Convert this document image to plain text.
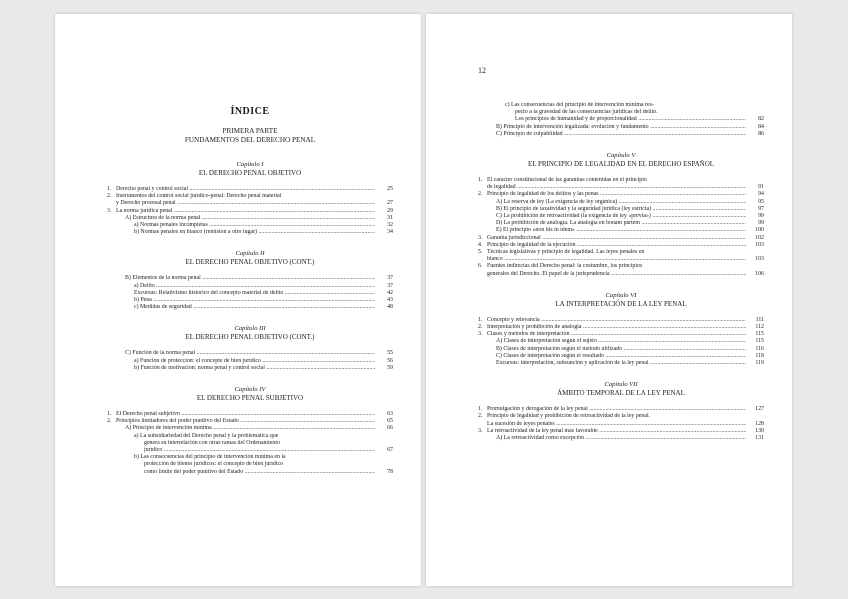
ÍNDICE
PRIMERA PARTE
FUNDAMENTOS DEL DERECHO PENAL
Capítulo I
EL DERECHO PENAL OBJETIVO
1. Derecho penal y control social .....	25
2. Instrumentos del control social jurídico-penal: Derecho penal material
y Derecho procesal penal .....	27
3. La norma jurídica penal .....	29
A) Estructura de la norma penal .....	31
a) Normas penales incompletas .....	32
b) Normas penales en blanco (remisión a otro lugar) .....	34
Capítulo II
EL DERECHO PENAL OBJETIVO (CONT.)
B) Elementos de la norma penal .....	37
a) Delito .....	37
Excursus: Relativismo histórico del concepto material de delito .....	42
b) Pena .....	43
c) Medidas de seguridad .....	48
Capítulo III
EL DERECHO PENAL OBJETIVO (CONT.)
C) Función de la norma penal .....	55
a) Función de protección: el concepte de bien jurídico .....	56
b) Función de motivación: norma penal y control social .....	59
Capítulo IV
EL DERECHO PENAL SUBJETIVO
1. El Derecho penal subjetivo .....	63
2. Principios limitadores del poder punitivo del Estado .....	65
A) Principio de intervención mínima .....	66
a) La subsidiariedad del Derecho penal y la problemática que
genera su interrelación con otras ramas del Ordenamiento
jurídico .....	67
b) Las consecuencias del principio de intervención mínima en la
protección de bienes jurídicos: el concepto de bien jurídico
como límite del poder punitivo del Estado .....	78
12
c) Las consecuencias del principio de intervención mínima res-
pecto a la gravedad de las consecuencias jurídicas del delito.
Los principios de humanidad y de proporcionalidad .....	82
B) Principio de intervención legalizada: evolución y fundamento .....	84
C) Principio de culpabilidad .....	86
Capítulo V
EL PRINCIPIO DE LEGALIDAD EN EL DERECHO ESPAÑOL
1. El carácter constitucional de las garantías contenidas en el principio
de legalidad .....	91
2. Principio de legalidad de los delitos y las penas .....	94
A) La reserva de ley (La exigencia de ley orgánica) .....	95
B) El principio de taxatividad y la seguridad jurídica (ley estricta) .....	97
C) La prohibición de retroactividad (la exigencia de ley «previa») .....	99
D) La prohibición de analogía. La analogía en bonam partem .....	99
E) El principio «non bis in idem» .....	100
3. Garantía jurisdiccional .....	102
4. Principio de legalidad de la ejecución .....	103
5. Técnicas legislativas y principio de legalidad. Las leyes penales en
blanco .....	103
6. Fuentes indirectas del Derecho penal: la costumbre, los principios
generales del Derecho. El papel de la jurisprudencia .....	106
Capítulo VI
LA INTERPRETACIÓN DE LA LEY PENAL
1. Concepto y relevancia .....	111
2. Interpretación y prohibición de analogía .....	112
3. Clases y métodos de interpretación .....	115
A) Clases de interpretación según el sujeto .....	115
B) Clases de interpretación según el método utilizado .....	116
C) Clases de interpretación según el resultado .....	118
Excursus: interpretación, subsunción y aplicación de la ley penal .....	119
Capítulo VII
ÁMBITO TEMPORAL DE LA LEY PENAL
1. Promulgación y derogación de la ley penal .....	127
2. Principio de legalidad y prohibición de retroactividad de la ley penal.
La sucesión de leyes penales .....	128
3. La retroactividad de la ley penal más favorable .....	130
A) La retroactividad como excepción .....	131
